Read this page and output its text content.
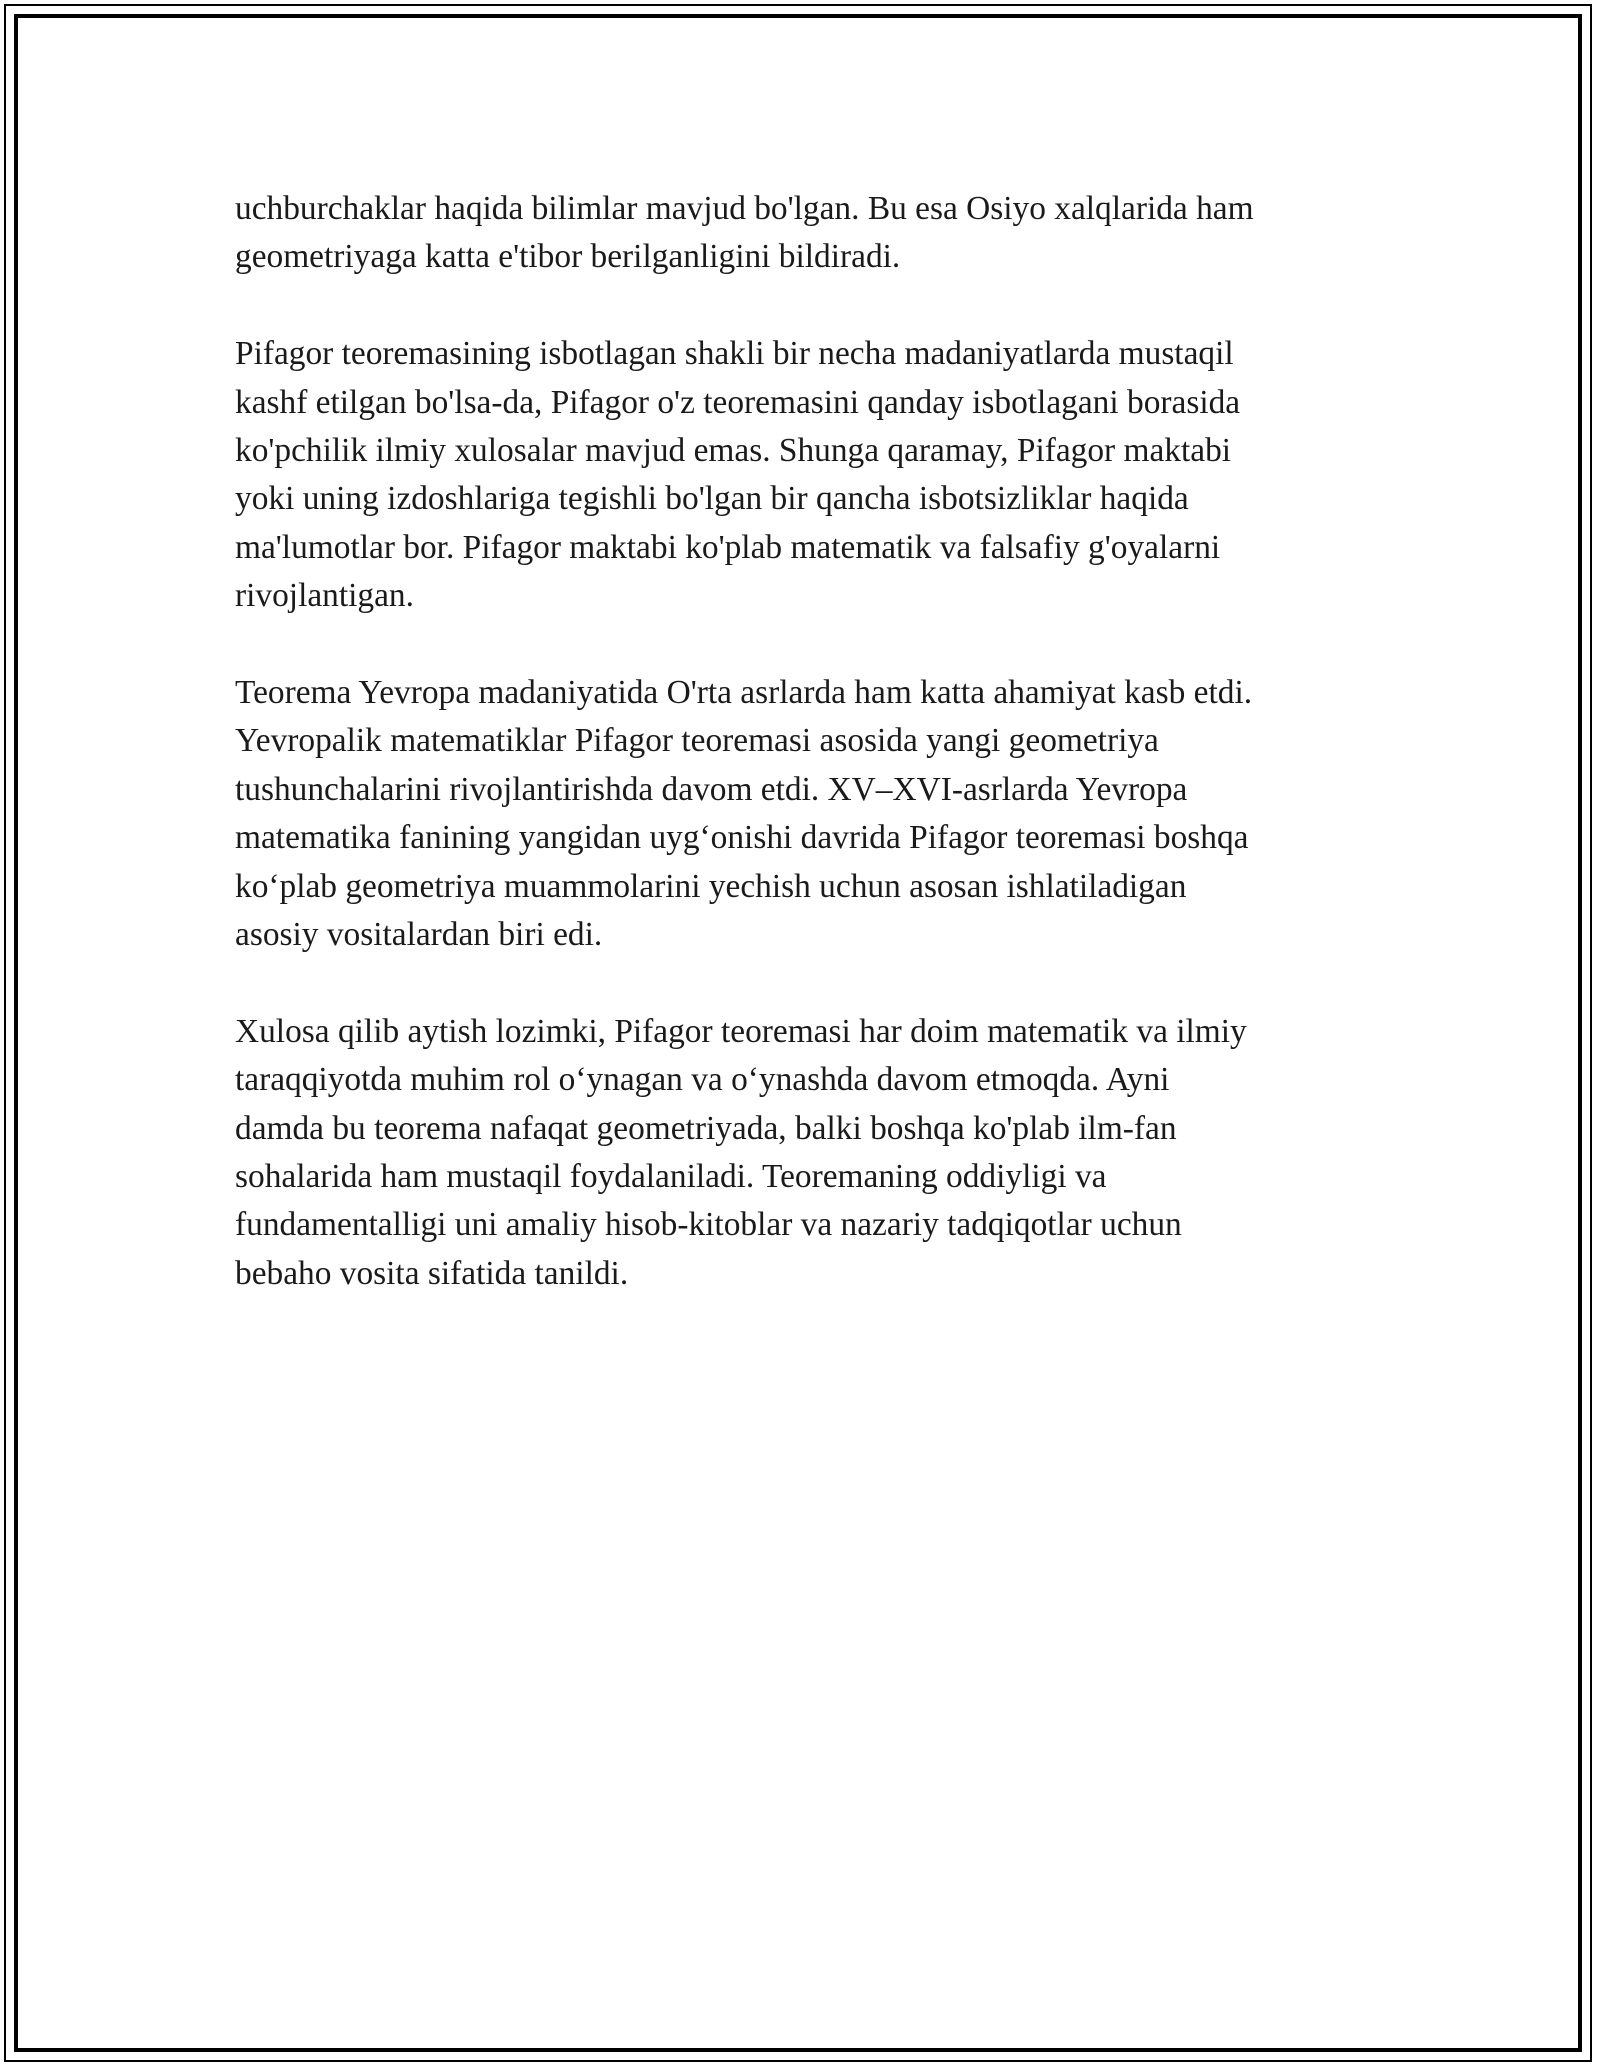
uchburchaklar haqida bilimlar mavjud bo'lgan. Bu esa Osiyo xalqlarida ham
geometriyaga katta e'tibor berilganligini bildiradi.

Pifagor teoremasining isbotlagan shakli bir necha madaniyatlarda mustaqil
kashf etilgan bo'lsa-da, Pifagor o'z teoremasini qanday isbotlagani borasida
ko'pchilik ilmiy xulosalar mavjud emas. Shunga qaramay, Pifagor maktabi
yoki uning izdoshlariga tegishli bo'lgan bir qancha isbotsizliklar haqida
ma'lumotlar bor. Pifagor maktabi ko'plab matematik va falsafiy g'oyalarni
rivojlantigan.

Teorema Yevropa madaniyatida O'rta asrlarda ham katta ahamiyat kasb etdi.
Yevropalik matematiklar Pifagor teoremasi asosida yangi geometriya
tushunchalarini rivojlantirishda davom etdi. XV–XVI-asrlarda Yevropa
matematika fanining yangidan uyg‘onishi davrida Pifagor teoremasi boshqa
ko‘plab geometriya muammolarini yechish uchun asosan ishlatiladigan
asosiy vositalardan biri edi.

Xulosa qilib aytish lozimki, Pifagor teoremasi har doim matematik va ilmiy
taraqqiyotda muhim rol o‘ynagan va o‘ynashda davom etmoqda. Ayni
damda bu teorema nafaqat geometriyada, balki boshqa ko'plab ilm-fan
sohalarida ham mustaqil foydalaniladi. Teoremaning oddiyligi va
fundamentalligi uni amaliy hisob-kitoblar va nazariy tadqiqotlar uchun
bebaho vosita sifatida tanildi.
